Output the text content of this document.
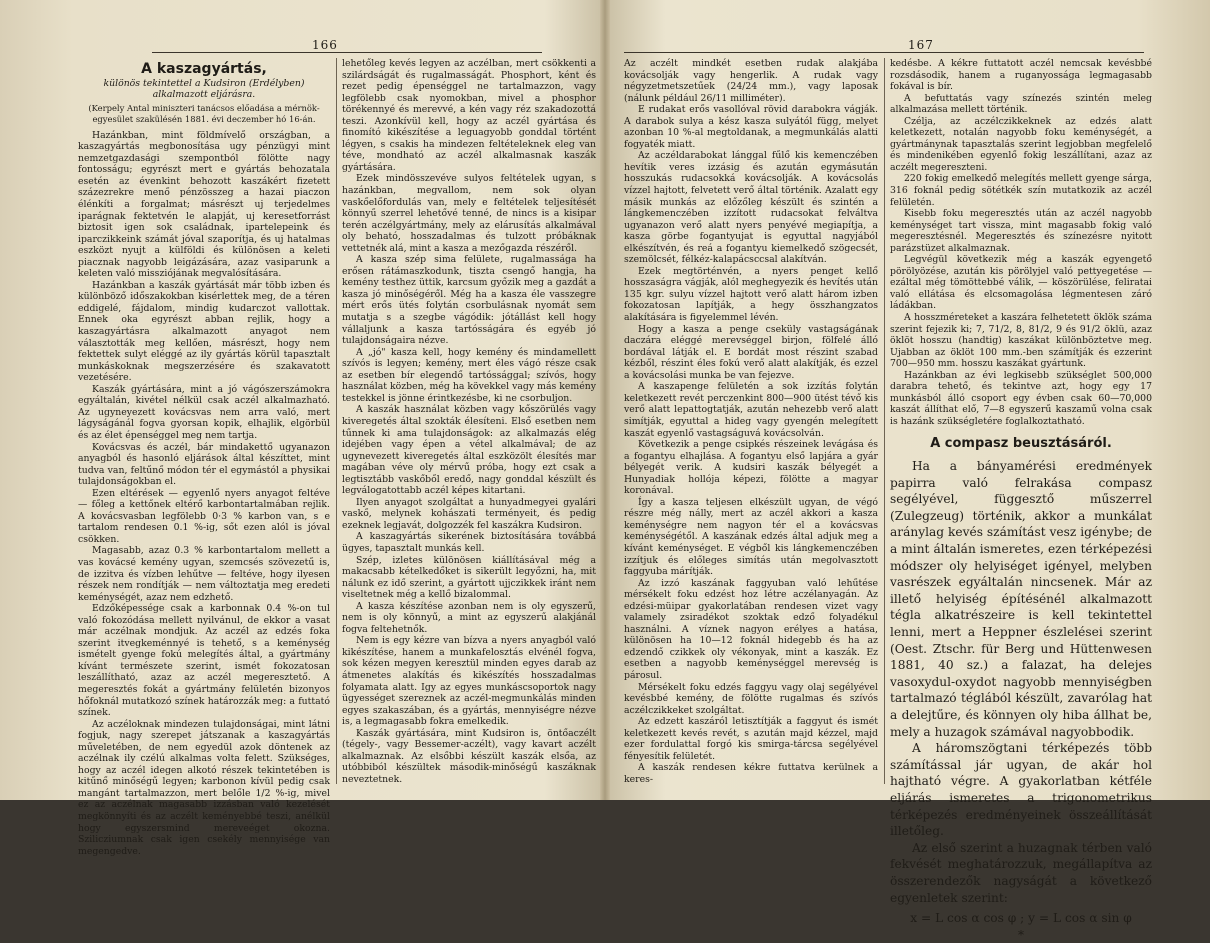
166
A kaszagyártás,
különös tekintettel a Kudsiron (Erdélyben) alkalmazott eljárásra.
(Kerpely Antal miniszteri tanácsos előadása a mérnök-egyesület szakülésén 1881. évi deczember hó 16-án.

Hazánkban, mint földmívelő országban, a kaszagyártás megbonosítása ugy pénzügyi mint nemzetgazdasági szempontból fölötte nagy fontosságu; egyrészt mert e gyártás behozatala esetén az évenkint behozott kaszákért fizetett százezrekre menő pénzösszeg a hazai piaczon élénkíti a forgalmat; másrészt uj terjedelmes iparágnak fektetvén le alapját, uj keresetforrást biztosit igen sok családnak, ipartelepeink és iparczikkeink számát jóval szaporítja, és uj hatalmas eszközt nyujt a külföldi és különösen a keleti piacznak nagyobb leigázására, azaz vasiparunk a keleten való missziójának megvalósítására.

Hazánkban a kaszák gyártását már több izben és különböző időszakokban kisérlettek meg, de a téren eddigelé, fájdalom, mindig kudarczot vallottak. Ennek oka egyrészt abban rejlik, hogy a kaszagyártásra alkalmazott anyagot nem választották meg kellően, másrészt, hogy nem fektettek sulyt eléggé az ily gyártás körül tapasztalt munkáskoknak megszerzésére és szakavatott vezetésére.

Kaszák gyártására, mint a jó vágószerszámokra egyáltalán, kivétel nélkül csak aczél alkalmazható. Az ugyneyezett kovácsvas nem arra való, mert lágyságánál fogva gyorsan kopik, elhajlik, elgörbül és az élet épenséggel meg nem tartja.

Kovácsvas és aczél, bár mindakettő ugyanazon anyagból és hasonló eljárások által készíttet, mint tudva van, feltűnő módon tér el egymástól a physikai tulajdonságokban el.

Ezen eltérések — egyenlő nyers anyagot feltéve — főleg a kettőnek eltérő karbontartalmában rejlik. A kovácsvasban legfölebb 0·3 % karbon van, s e tartalom rendesen 0.1 %-ig, sőt ezen alól is jóval csökken.

Magasabb, azaz 0.3 % karbontartalom mellett a vas kovácsé kemény ugyan, szemcsés szövezetű is, de izzitva és vízben lehűtve — feltéve, hogy ilyesen részek nem rondítják — nem változtatja meg eredeti keménységét, azaz nem edzhető.

Edzőképessége csak a karbonnak 0.4 %-on tul való fokozódása mellett nyilvánul, de ekkor a vasat már aczélnak mondjuk. Az aczél az edzés foka szerint itvegkeménnyé is tehető, s a keménység ismételt gyenge fokú melegítés által, a gyártmány kívánt természete szerint, ismét fokozatosan leszállítható, azaz az aczél megeresztető. A megeresztés fokát a gyártmány felületén bizonyos hőfoknál mutatkozó színek határozzák meg: a futtató színek.

Az aczéloknak mindezen tulajdonságai, mint látni fogjuk, nagy szerepet játszanak a kaszagyártás műveletében, de nem egyedül azok döntenek az aczélnak ily czélú alkalmas volta felett. Szükséges, hogy az aczél idegen alkotó részek tekintetében is kitűnő minőségű legyen; karbonon kívül pedig csak mangánt tartalmazzon, mert belőle 1/2 %-ig, mivel ez az aczélnak magasabb izzásban való kezelését megkönnyíti és az aczélt keményebbé teszi, anélkül hogy egyszersmind mereveéget okozna. Szilicziumnak csak igen csekély mennyisége van megengedve.

lehetőleg kevés legyen az aczélban, mert csökkenti a szilárdságát és rugalmasságát. Phosphort, ként és rezet pedig épenséggel ne tartalmazzon, vagy legfölebb csak nyomokban, mivel a phosphor törékennyé és merevvé, a kén vagy réz szakadozottá teszi. Azonkívül kell, hogy az aczél gyártása és finomító kikészítése a leguagyobb gonddal történt légyen, s csakis ha mindezen feltételeknek eleg van téve, mondható az aczél alkalmasnak kaszák gyártására.

Ezek mindösszevéve sulyos feltételek ugyan, s hazánkban, megvallom, nem sok olyan vaskőelőfordulás van, mely e feltételek teljesítését könnyű szerrel lehetővé tenné, de nincs is a kisipar terén aczélgyártmány, mely az elárusítás alkalmával oly beható, hosszadalmas és tulzott próbáknak vettetnék alá, mint a kasza a mezőgazda részéről.

A kasza szép sima felülete, rugalmassága ha erősen rátámaszkodunk, tiszta csengő hangja, ha kemény testhez üttik, karcsum győzik meg a gazdát a kasza jó minőségéről. Még ha a kasza éle vasszegre mért erős ütés folytán csorbulásnak nyomát sem mutatja s a szegbe vágódik: jótállást kell hogy vállaljunk a kasza tartósságára és egyéb jó tulajdonságaira nézve.

A „jó" kasza kell, hogy kemény és mindamellett szívós is legyen; kemény, mert éles vágó része csak az esetben bír elegendő tartóssággal; szívós, hogy használat közben, még ha kövekkel vagy más kemény testekkel is jönne érintkezésbe, ki ne csorbuljon.

A kaszák használat közben vagy kőszörülés vagy kiveregetés által szokták élesíteni. Első esetben nem tűnnek ki ama tulajdonságok: az alkalmazás elég idejében vagy épen a vétel alkalmával; de az ugynevezett kiveregetés által eszközölt élesítés mar magában véve oly mérvű próba, hogy ezt csak a legtisztább vaskőből eredő, nagy gonddal készült és legválogatottabb aczél képes kitartani.

Ilyen anyagot szolgáltat a hunyadmegyei gyalári vaskő, melynek kohászati terményeit, és pedig ezeknek legjavát, dolgozzék fel kaszákra Kudsiron.

A kaszagyártás sikerének biztosítására továbbá ügyes, tapasztalt munkás kell.

Szép, izletes különösen kiállításával még a makacsabb kételkedőket is sikerült legyőzni, ha, mit nálunk ez idő szerint, a gyártott ujjczikkek iránt nem viseltetnek még a kellő bizalommal.

A kasza készítése azonban nem is oly egyszerű, nem is oly könnyű, a mint az egyszerű alakjánál fogva feltehetnők.

Nem is egy kézre van bízva a nyers anyagból való kikészítése, hanem a munkafelosztás elvénél fogva, sok kézen megyen keresztül minden egyes darab az átmenetes alakítás és kikészítés hosszadalmas folyamata alatt. Igy az egyes munkáscsoportok nagy ügyességet szereznek az aczél-megmunkálás minden egyes szakaszában, és a gyártás, mennyiségre nézve is, a legmagasabb fokra emelkedik.

Kaszák gyártására, mint Kudsiron is, öntőaczélt (tégely-, vagy Bessemer-aczélt), vagy kavart aczélt alkalmaznak. Az elsőbbi készült kaszák elsőa, az utóbbiból készültek második-minőségű kaszáknak neveztetnek.

167

Az aczélt mindkét esetben rudak alakjába kovácsolják vagy hengerlik. A rudak vagy négyzetmetszetűek (24/24 mm.), vagy laposak (nálunk például 26/11 milliméter).

E rudakat erős vasollóval rövid darabokra vágják. A darabok sulya a kész kasza sulyától függ, melyet azonban 10 %-al megtoldanak, a megmunkálás alatti fogyaték miatt.

Az aczéldarabokat lánggal fűlő kis kemenczében hevítik veres izzásig és azután egymásután hosszukás rudacsokká kovácsolják. A kovácsolás vízzel hajtott, felvetett verő által történik. Azalatt egy másik munkás az előzőleg készült és szintén a lángkemenczében izzított rudacsokat felváltva ugyanazon verő alatt nyers penyévé megiapítja, a kasza görbe fogantyujat is egyuttal nagyjából elkészítvén, és reá a fogantyu kiemelkedő szögecsét, szemölcsét, félkéz-kalapácsccsal alakítván.

Ezek megtörténvén, a nyers penget kellő hosszaságra vágják, alól meghegyezik és hevítés után 135 kgr. sulyu vízzel hajtott verő alatt három izben fokozatosan lapítják, a hegy összhangzatos alakítására is figyelemmel lévén.

Hogy a kasza a penge cseküly vastagságának daczára eléggé merevséggel birjon, fölfelé álló bordával látják el. E bordát most részint szabad kézből, részint éles fokú verő alatt alakítják, és ezzel a kovácsolási munka be van fejezve.

A kaszapenge felületén a sok izzítás folytán keletkezett revét perczenkint 800—900 ütést tévő kis verő alatt lepattogtatják, azután nehezebb verő alatt simítják, egyuttal a hideg vagy gyengén melegített kaszát egyenlő vastagságuvá kovácsolván.

Következik a penge csipkés részeinek levágása és a fogantyu elhajlása. A fogantyu első lapjára a gyár bélyegét verik. A kudsiri kaszák bélyegét a Hunyadiak hollója képezi, fölötte a magyar koronával.

Így a kasza teljesen elkészült ugyan, de végó részre még nálly, mert az aczél akkori a kasza keménységre nem nagyon tér el a kovácsvas keménységétől. A kaszának edzés által adjuk meg a kívánt keménységet. E végből kis lángkemenczében izzítjuk és előleges simítás után megolvasztott faggyuba márítják.

Az izzó kaszának faggyuban való lehűtése mérsékelt foku edzést hoz létre aczélanyagán. Az edzési-müipar gyakorlatában rendesen vizet vagy valamely zsiradékot szoktak edző folyadékul használni. A víznek nagyon erélyes a hatása, különösen ha 10—12 foknál hidegebb és ha az edzendő czikkek oly vékonyak, mint a kaszák. Ez esetben a nagyobb keménységgel merevség is párosul.

Mérsékelt foku edzés faggyu vagy olaj segélyével kevésbbé kemény, de fölötte rugalmas és szívós aczélczikkeket szolgáltat.

Az edzett kaszáról letisztítják a faggyut és ismét keletkezett kevés revét, s azután majd kézzel, majd ezer fordulattal forgó kis smirga-tárcsa segélyével fényesítik felületét.

A kaszák rendesen kékre futtatva kerülnek a keres-

kedésbe. A kékre futtatott aczél nemcsak kevésbbé rozsdásodik, hanem a ruganyossága legmagasabb fokával is bír.

A befuttatás vagy színezés szintén meleg alkalmazása mellett történik.

Czélja, az aczélczikkeknek az edzés alatt keletkezett, notalán nagyobb foku keménységét, a gyártmánynak tapasztalás szerint legjobban megfelelő és mindenikében egyenlő fokig leszállítani, azaz az aczélt megereszteni.

220 fokig emelkedő melegítés mellett gyenge sárga, 316 foknál pedig sötétkék szín mutatkozik az aczél felületén.

Kisebb foku megeresztés után az aczél nagyobb keménységet tart vissza, mint magasabb fokig való megeresztésnél. Megeresztés és színezésre nyitott parázstüzet alkalmaznak.

Legvégül következik még a kaszák egyengető pörölyözése, azután kis pörölyjel való pettyegetése — ezáltal még tömöttebbé válik, — köszörülése, feliratai való ellátása és elcsomagolása légmentesen záró ládákban.

A hosszméreteket a kaszára felhetetett öklök száma szerint fejezik ki; 7, 71/2, 8, 81/2, 9 és 91/2 öklü, azaz öklöt hosszu (handtig) kaszákat különböztetve meg. Ujabban az öklöt 100 mm.-ben számítják és ezzerint 700—950 mm. hosszu kaszákat gyártunk.

Hazánkban az évi legkisebb szükséglet 500,000 darabra tehető, és tekintve azt, hogy egy 17 munkásból álló csoport egy évben csak 60—70,000 kaszát állíthat elő, 7—8 egyszerű kaszamű volna csak is hazánk szükségletére foglalkoztatható.

A compasz beusztásáról.

Ha a bányamérési eredmények papirra való felrakása compasz segélyével, függesztő műszerrel (Zulegzeug) történik, akkor a munkálat aránylag kevés számítást vesz igénybe; de a mint általán ismeretes, ezen térképezési módszer oly helyiséget igényel, melyben vasrészek egyáltalán nincsenek. Már az illető helyiség építésénél alkalmazott tégla alkatrészeire is kell tekintettel lenni, mert a Heppner észlelései szerint (Oest. Ztschr. für Berg und Hüttenwesen 1881, 40 sz.) a falazat, ha delejes vasoxydul-oxydot nagyobb mennyiségben tartalmazó téglából készült, zavarólag hat a delejtűre, és könnyen oly hiba állhat be, mely a huzagok számával nagyobbodik.

A háromszögtani térképezés több számítással jár ugyan, de akár hol hajtható végre. A gyakorlatban kétféle eljárás ismeretes a trigonometrikus térképezés eredményeinek összeállítását illetőleg.

Az első szerint a huzagnak térben való fekvését meghatározzuk, megállapítva az összerendezők nagyságát a következő egyenletek szerint:

x = L cos α cos φ ; y = L cos α sin φ

*
